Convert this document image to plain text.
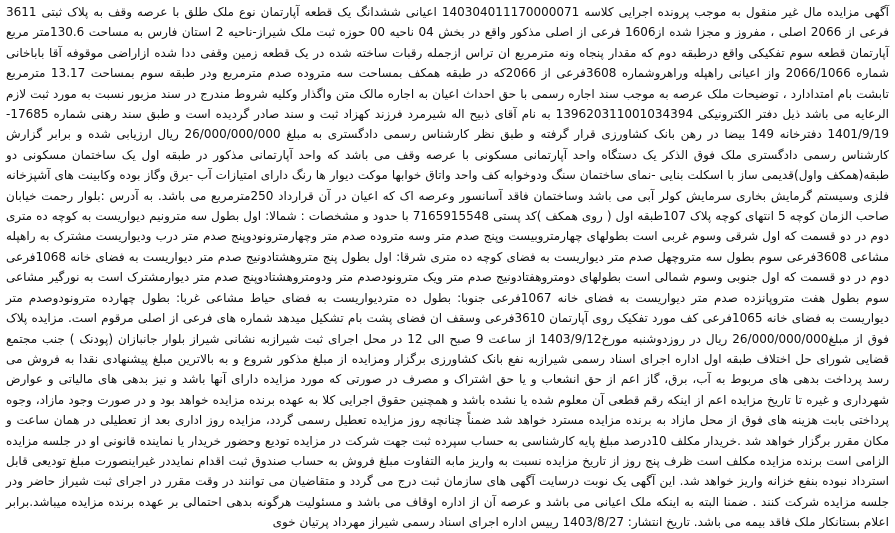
آگهی مزایده مال غیر منقول به موجب پرونده اجرایی کلاسه 140304011170000071 اعیانی ششدانگ یک قطعه آپارتمان نوع ملک طلق با عرصه وقف به پلاک ثبتی 3611 فرعی از 2066 اصلی ، مفروز و مجزا شده از1606 فرعی از اصلی مذکور واقع در بخش 04 ناحیه 00 حوزه ثبت ملک شیراز-ناحیه 2 استان فارس به مساحت 130.6متر مربع آپارتمان قطعه سوم تفکیکی واقع درطبقه دوم که مقدار پنجاه ونه مترمربع ان تراس ازجمله رقبات ساخته شده در یک قطعه زمین وقفی ددا شده ازاراضی موقوفه آقا باباخانی شماره 2066/1066 واز اعیانی راهپله وراهروشماره 3608فرعی از 2066که در طبقه همکف بمساحت سه متروده صدم مترمربع ودر طبقه سوم بمساحت 13.17 مترمربع تابشت بام امتدادارد ، توضیحات ملک عرصه به موجب سند اجاره رسمی با حق احداث اعیان به اجاره مالک متن واگذار وکلیه شروط مندرج در سند مزبور نسبت به مورد ثبت لازم الرعایه می باشد ذیل دفتر الکترونیکی 139620311001034394 به نام آقای ذبیح اله شیرمرد فرزند کهزاد ثبت و سند صادر گردیده است و طبق سند رهنی شماره 17685-1401/9/19 دفترخانه 149 بیضا در رهن بانک کشاورزی قرار گرفته و طبق نظر کارشناس رسمی دادگستری به مبلغ 26/000/000/000 ریال ارزیابی شده و برابر گزارش کارشناس رسمی دادگستری ملک فوق الذکر یک دستگاه واحد آپارتمانی مسکونی با عرصه وقف می باشد که واحد آپارتمانی مذکور در طبقه اول یک ساختمان مسکونی دو طبقه(همکف واول)قدیمی ساز با اسکلت بنایی -نمای ساختمان سنگ ودوخوابه کف واحد واتاق خوابها موکت دیوار ها رنگ دارای امتیازات آب -برق وگاز بوده وکابینت های آشپزخانه فلزی وسیستم گرمایش بخاری سرمایش کولر آبی می باشد وساختمان فاقد آسانسور وعرصه اک که اعیان در آن قرارداد 250مترمربع می باشد. به آدرس :بلوار رحمت خیابان صاحب الزمان کوچه 5 انتهای کوچه پلاک 107طبقه اول ( روی همکف )کد پستی 7165915548 با حدود و مشخصات : شمالا: اول بطول سه مترونیم دیواریست به کوچه ده متری دوم در دو قسمت که اول شرقی وسوم غربی است بطولهای چهارمتروبیست وپنج صدم متر وسه متروده صدم متر وچهارمترونودوپنج صدم متر درب ودیواریست مشترک به راهپله مشاعی 3608فرعی سوم بطول سه متروچهل صدم متر دیواریست به فضای کوچه ده متری شرقا: اول بطول پنج متروهشتادونیج صدم متر دیواریست به فضای خانه 1068فرعی دوم در دو قسمت که اول جنوبی وسوم شمالی است بطولهای دومتروهفتادونیج صدم متر ویک مترونودصدم متر ودومتروهشتادوپنج صدم متر دیوارمشترک است به نورگیر مشاعی سوم بطول هفت متروپانزده صدم متر دیواریست به فضای خانه 1067فرعی جنوبا: بطول ده متردیواریست به فضای حیاط مشاعی غربا: بطول چهارده مترونودوصدم متر دیواریست به فضای خانه 1065فرعی کف مورد تفکیک روی آپارتمان 3610فرعی وسقف ان فضای پشت بام تشکیل میدهد شماره های فرعی از اصلی مرقوم است. مزایده پلاک فوق از مبلغ26/000/000/000 ریال در روزدوشنبه مورخ1403/9/12 از ساعت 9 صبح الی 12 در محل اجرای ثبت شیرازبه نشانی شیراز بلوار جانبازان (پودنک ) جنب مجتمع قضایی شورای حل اختلاف طبقه اول اداره اجرای اسناد رسمی شیرازبه نفع بانک کشاورزی برگزار ومزایده از مبلغ مذکور شروع و به بالاترین مبلغ پیشنهادی نقدا به فروش می رسد پرداخت بدهی های مربوط به آب، برق، گاز اعم از حق انشعاب و یا حق اشتراک و مصرف در صورتی که مورد مزایده دارای آنها باشد و نیز بدهی های مالیاتی و عوارض شهرداری و غیره تا تاریخ مزایده اعم از اینکه رقم قطعی آن معلوم شده یا نشده باشد و همچنین حقوق اجرایی کلا به عهده برنده مزایده خواهد بود و در صورت وجود مازاد، وجوه پرداختی بابت هزینه های فوق از محل مازاد به برنده مزایده مسترد خواهد شد ضمناً چنانچه روز مزایده تعطیل رسمی گردد، مزایده روز اداری بعد از تعطیلی در همان ساعت و مکان مقرر برگزار خواهد شد .خریدار مکلف 10درصد مبلغ پایه کارشناسی به حساب سپرده ثبت جهت شرکت در مزایده تودیع وحضور خریدار یا نماینده قانونی او در جلسه مزایده الزامی است برنده مزایده مکلف است ظرف پنج روز از تاریخ مزایده نسبت به واریز مابه التفاوت مبلغ فروش به حساب صندوق ثبت اقدام نمایددر غیراینصورت مبلغ تودیعی قابل استرداد نبوده بنفع خزانه واریز خواهد شد. این آگهی یک نوبت درسایت آگهی های سازمان ثبت درج می گردد و متقاضیان می توانند در وقت مقرر در اجرای ثبت شیراز حاضر ودر جلسه مزایده شرکت کنند . ضمنا البته به اینکه ملک اعیانی می باشد و عرصه آن از اداره اوقاف می باشد و مسئولیت هرگونه بدهی احتمالی بر عهده برنده مزایده میباشد.برابر اعلام بستانکار ملک فاقد بیمه می باشد. تاریخ انتشار: 1403/8/27 رییس اداره اجرای اسناد رسمی شیراز مهرداد پرتیان خوی
